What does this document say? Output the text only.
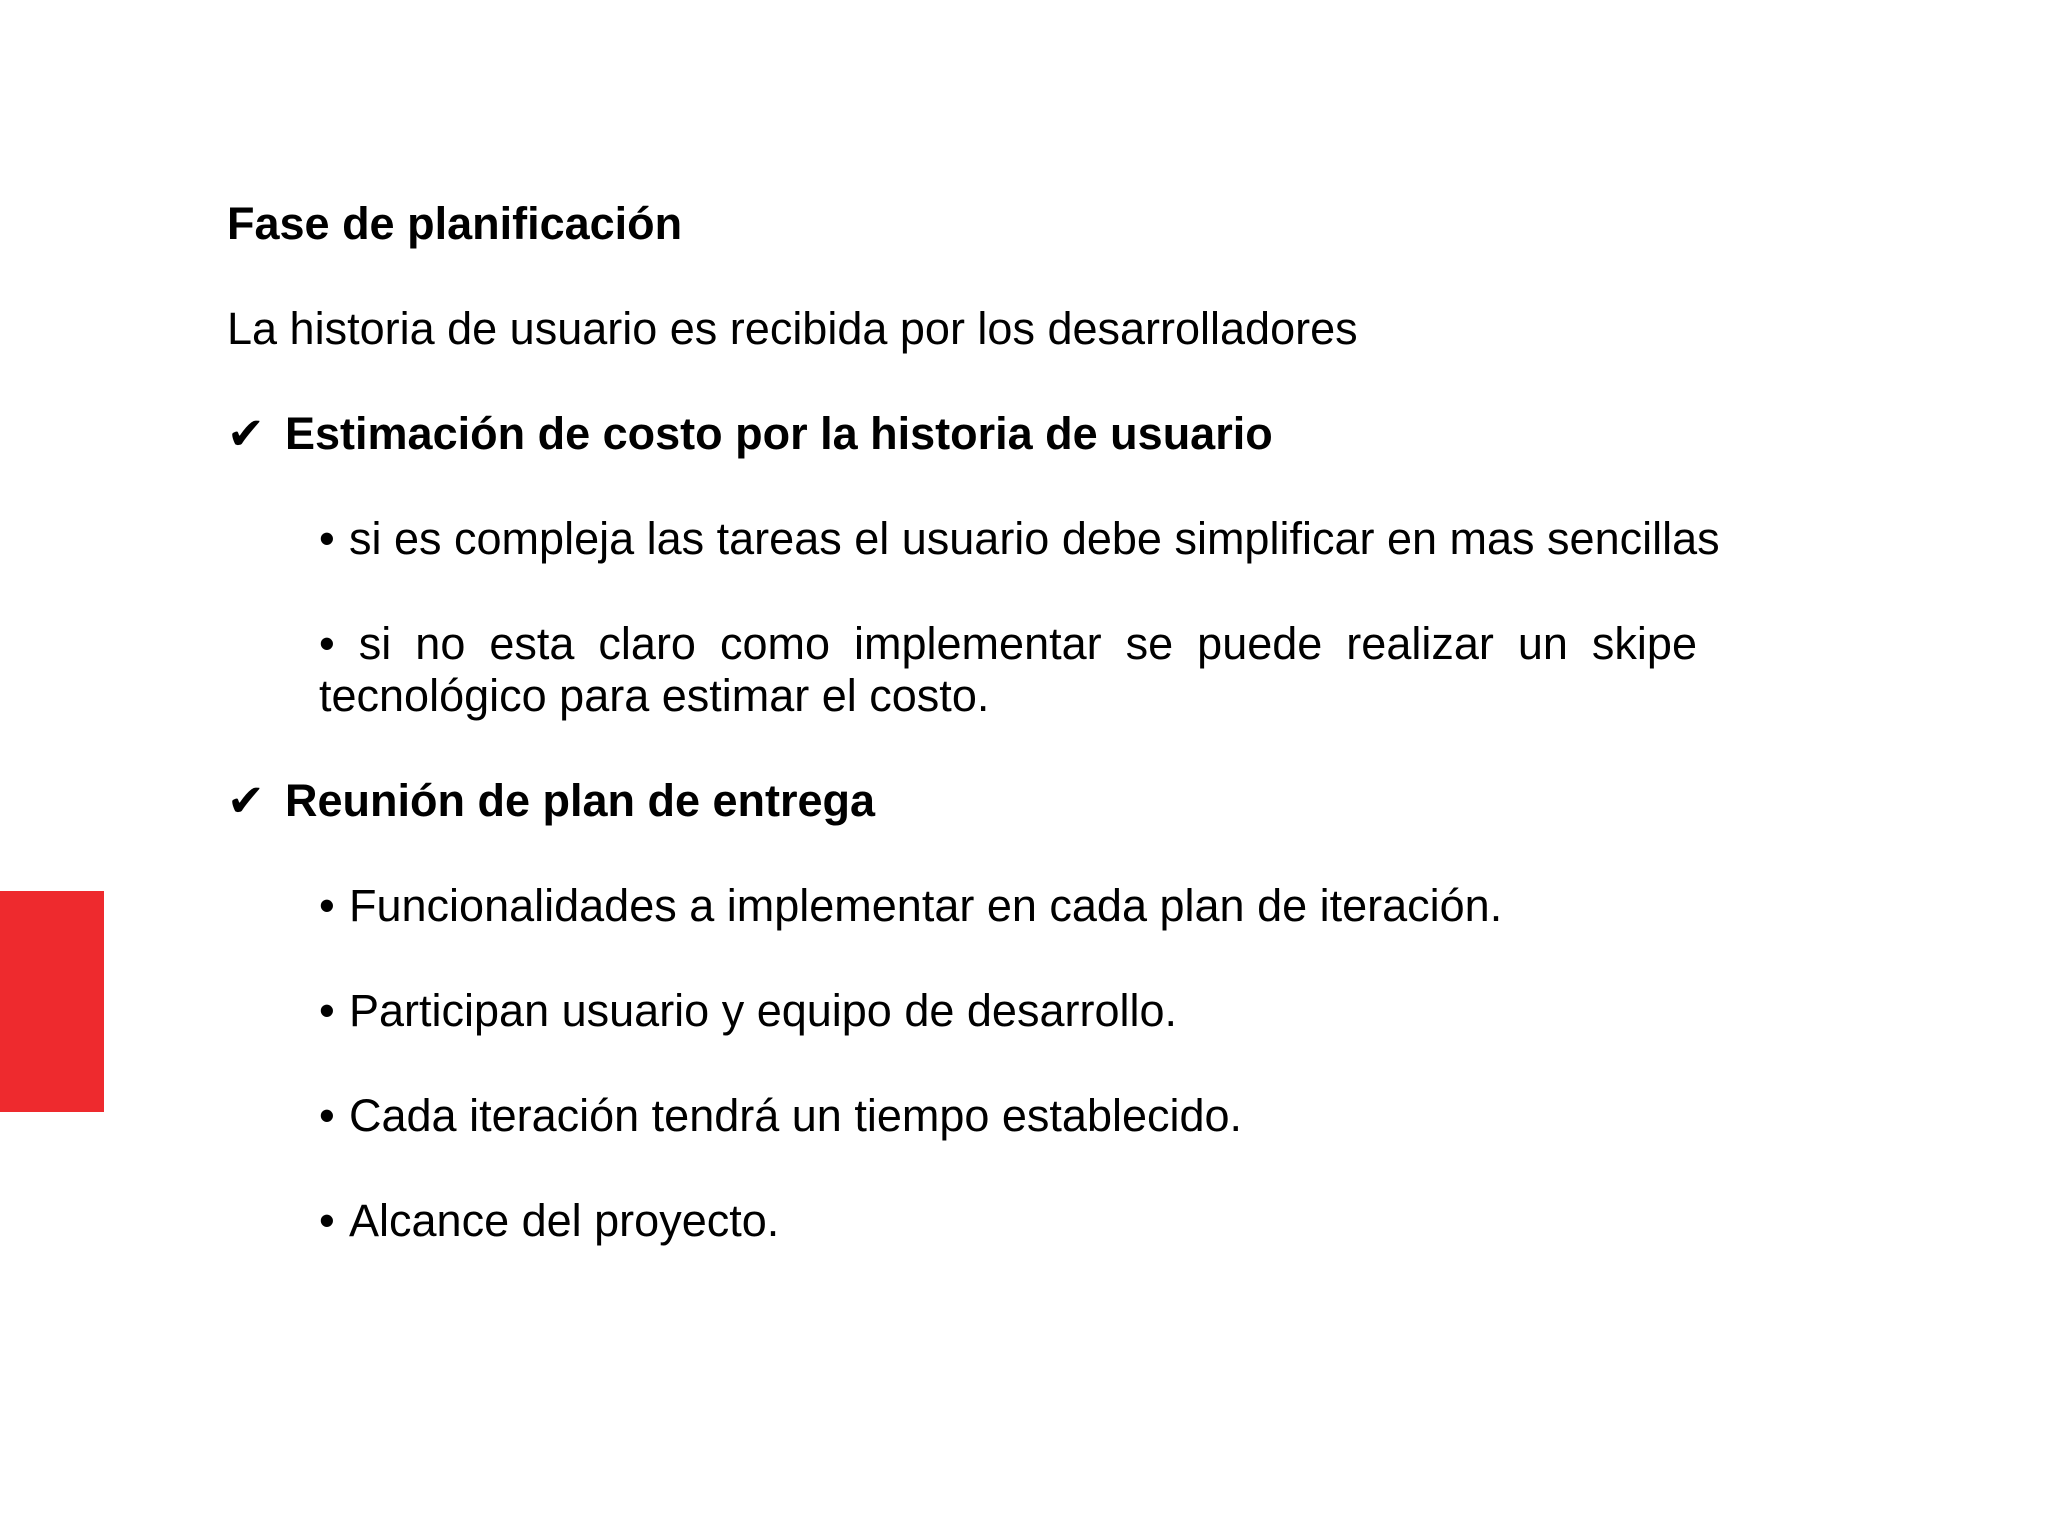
Fase de planificación
La historia de usuario es recibida por los desarrolladores
✔ Estimación de costo por la historia de usuario
• si es compleja las tareas el usuario debe simplificar en mas sencillas
• si no esta claro como implementar se puede realizar un skipe
tecnológico para estimar el costo.
✔ Reunión de plan de entrega
• Funcionalidades a implementar en cada plan de iteración.
• Participan usuario y equipo de desarrollo.
• Cada iteración tendrá un tiempo establecido.
• Alcance del proyecto.
